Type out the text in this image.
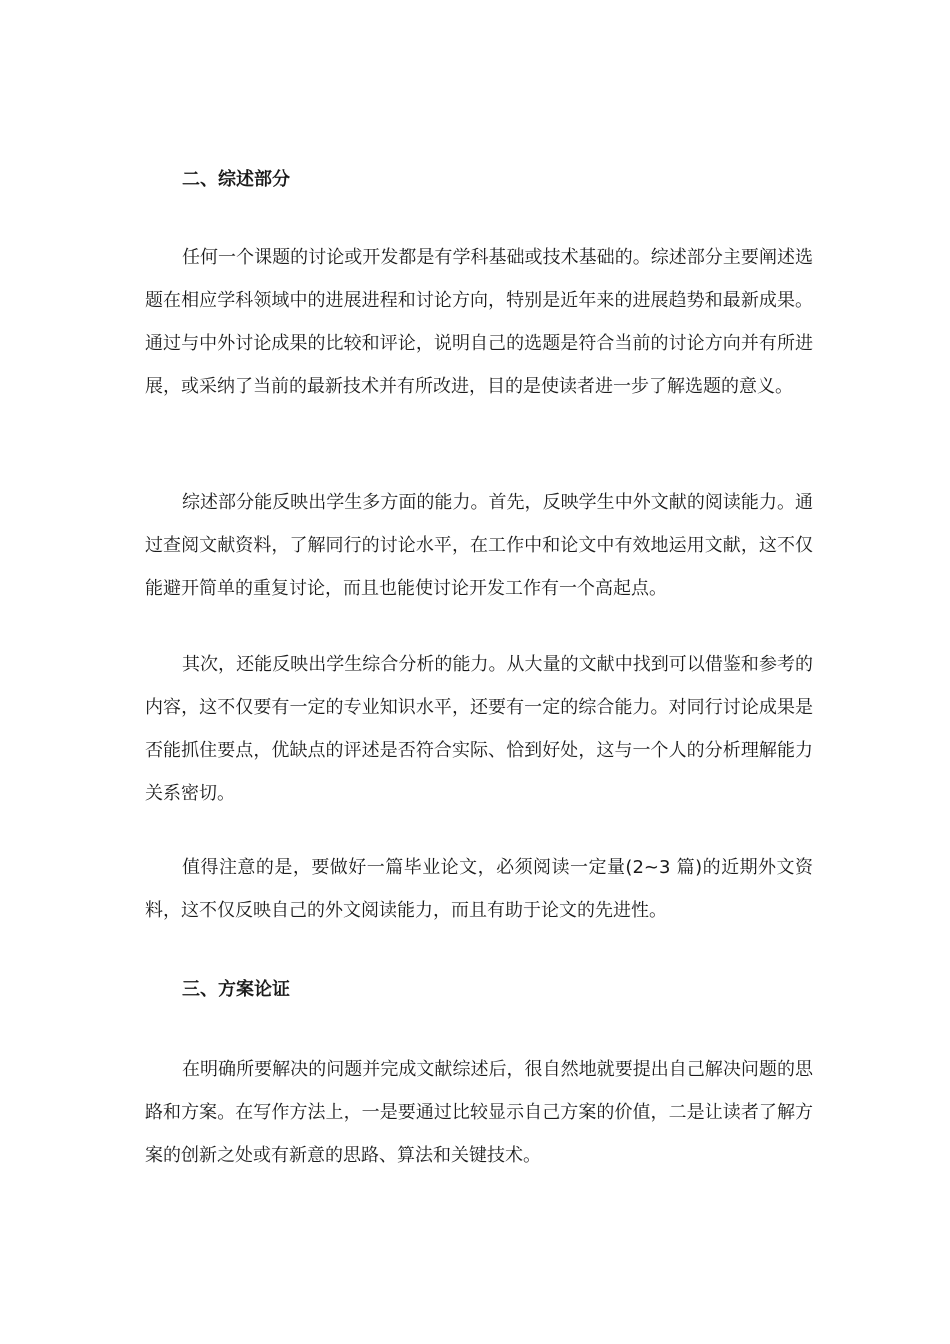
二、综述部分

任何一个课题的讨论或开发都是有学科基础或技术基础的。综述部分主要阐述选题在相应学科领域中的进展进程和讨论方向，特别是近年来的进展趋势和最新成果。通过与中外讨论成果的比较和评论，说明自己的选题是符合当前的讨论方向并有所进展，或采纳了当前的最新技术并有所改进，目的是使读者进一步了解选题的意义。

综述部分能反映出学生多方面的能力。首先，反映学生中外文献的阅读能力。通过查阅文献资料，了解同行的讨论水平，在工作中和论文中有效地运用文献，这不仅能避开简单的重复讨论，而且也能使讨论开发工作有一个高起点。

其次，还能反映出学生综合分析的能力。从大量的文献中找到可以借鉴和参考的内容，这不仅要有一定的专业知识水平，还要有一定的综合能力。对同行讨论成果是否能抓住要点，优缺点的评述是否符合实际、恰到好处，这与一个人的分析理解能力关系密切。

值得注意的是，要做好一篇毕业论文，必须阅读一定量(2~3 篇)的近期外文资料，这不仅反映自己的外文阅读能力，而且有助于论文的先进性。

三、方案论证

在明确所要解决的问题并完成文献综述后，很自然地就要提出自己解决问题的思路和方案。在写作方法上，一是要通过比较显示自己方案的价值，二是让读者了解方案的创新之处或有新意的思路、算法和关键技术。
